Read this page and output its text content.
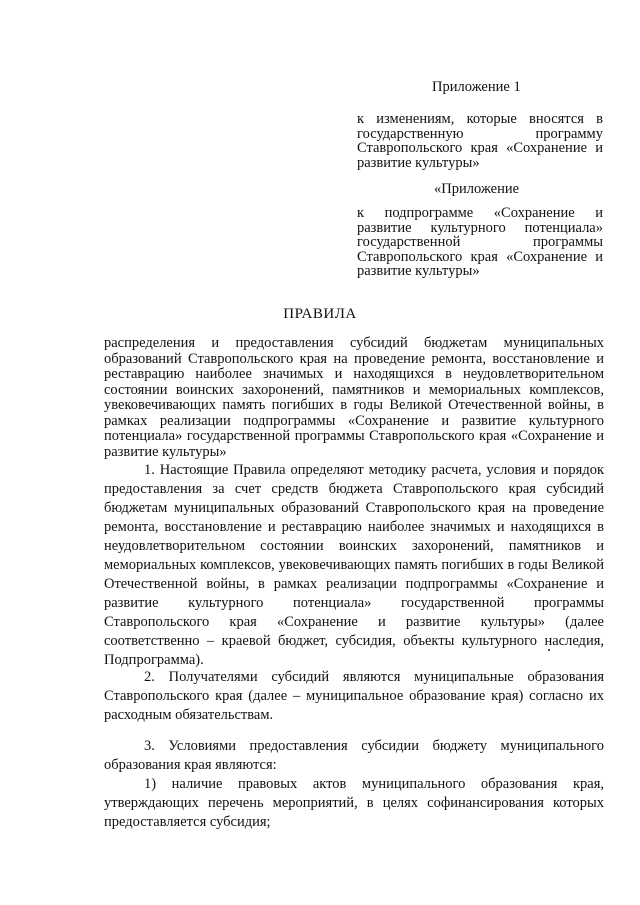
Приложение 1
к изменениям, которые вносятся в государственную программу Ставропольского края «Сохранение и развитие культуры»
«Приложение
к подпрограмме «Сохранение и развитие культурного потенциала» государственной программы Ставропольского края «Сохранение и развитие культуры»
ПРАВИЛА
распределения и предоставления субсидий бюджетам муниципальных образований Ставропольского края на проведение ремонта, восстановление и реставрацию наиболее значимых и находящихся в неудовлетворительном состоянии воинских захоронений, памятников и мемориальных комплексов, увековечивающих память погибших в годы Великой Отечественной войны, в рамках реализации подпрограммы «Сохранение и развитие культурного потенциала» государственной программы Ставропольского края «Сохранение и развитие культуры»
1. Настоящие Правила определяют методику расчета, условия и порядок предоставления за счет средств бюджета Ставропольского края субсидий бюджетам муниципальных образований Ставропольского края на проведение ремонта, восстановление и реставрацию наиболее значимых и находящихся в неудовлетворительном состоянии воинских захоронений, памятников и мемориальных комплексов, увековечивающих память погибших в годы Великой Отечественной войны, в рамках реализации подпрограммы «Сохранение и развитие культурного потенциала» государственной программы Ставропольского края «Сохранение и развитие культуры» (далее соответственно – краевой бюджет, субсидия, объекты культурного наследия, Подпрограмма).
2. Получателями субсидий являются муниципальные образования Ставропольского края (далее – муниципальное образование края) согласно их расходным обязательствам.
3. Условиями предоставления субсидии бюджету муниципального образования края являются:
1) наличие правовых актов муниципального образования края, утверждающих перечень мероприятий, в целях софинансирования которых предоставляется субсидия;
